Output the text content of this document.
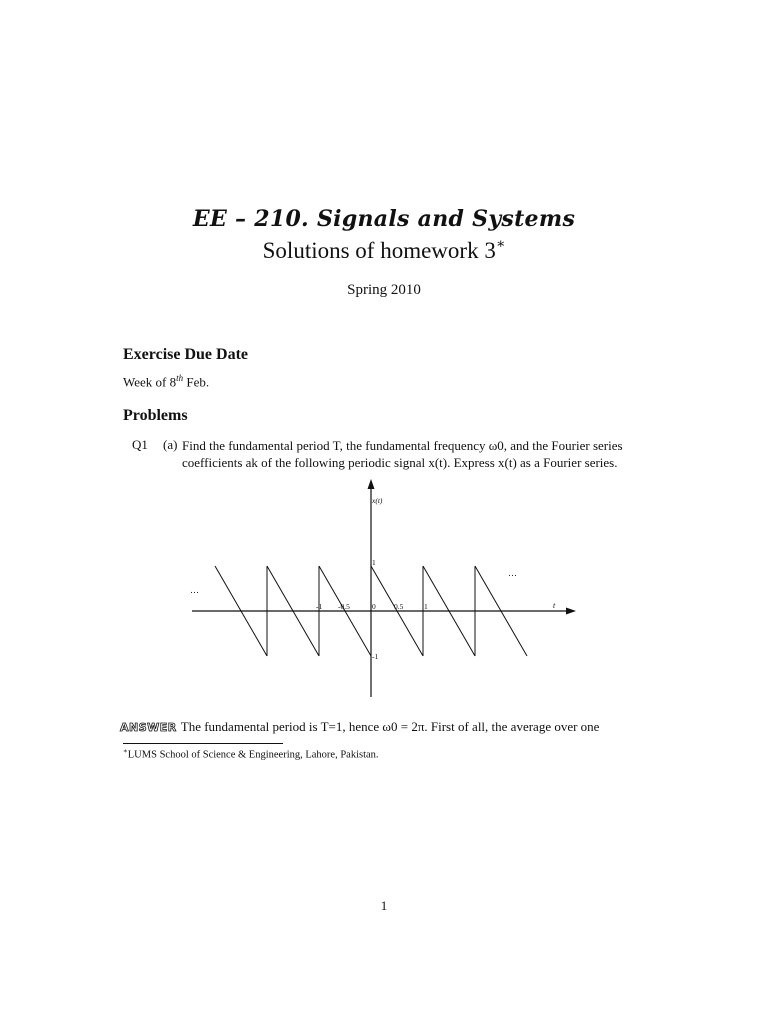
EE – 210. Signals and Systems
Solutions of homework 3∗
Spring 2010
Exercise Due Date
Week of 8th Feb.
Problems
Q1 (a) Find the fundamental period T, the fundamental frequency ω0, and the Fourier series coefficients ak of the following periodic signal x(t). Express x(t) as a Fourier series.
x(t)
t
…
…
1
-1
-1 -0.5	0 0.5	1
ANSWER The fundamental period is T=1, hence ω0 = 2π. First of all, the average over one
∗LUMS School of Science & Engineering, Lahore, Pakistan.
1
